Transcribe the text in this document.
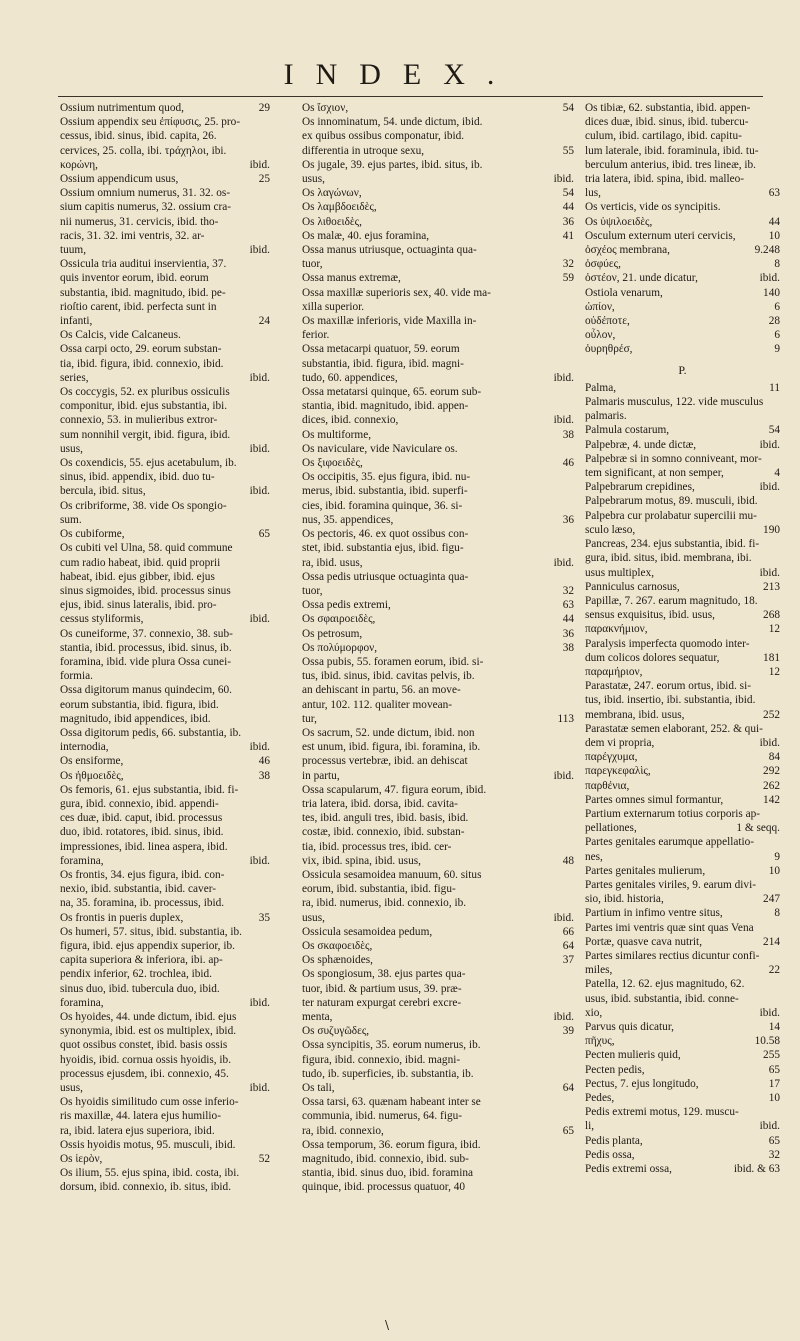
INDEX.
Ossium nutrimentum quod,	29
Ossium appendix seu ἐπίφυσις, 25. pro-
cessus, ibid. sinus, ibid. capita, 26.
cervices, 25. colla, ibi. τράχηλοι, ibi.
κορώνη,	ibid.
Ossium appendicum usus,	25
Ossium omnium numerus, 31. 32. os-
sium capitis numerus, 32. ossium cra-
nii numerus, 31. cervicis, ibid. tho-
racis, 31. 32. imi ventris, 32. ar-
tuum,	ibid.
Ossicula tria auditui inservientia, 37.
quis inventor eorum, ibid. eorum
substantia, ibid. magnitudo, ibid. pe-
rioſtio carent, ibid. perfecta sunt in
infanti,	24
Os Calcis, vide Calcaneus.
Ossa carpi octo, 29. eorum substan-
tia, ibid. figura, ibid. connexio, ibid.
series,	ibid.
Os coccygis, 52. ex pluribus ossiculis
componitur, ibid. ejus substantia, ibi.
connexio, 53. in mulieribus extror-
sum nonnihil vergit, ibid. figura, ibid.
usus,	ibid.
Os coxendicis, 55. ejus acetabulum, ib.
sinus, ibid. appendix, ibid. duo tu-
bercula, ibid. situs,	ibid.
Os cribriforme, 38. vide Os spongio-
sum.
Os cubiforme,	65
Os cubiti vel Ulna, 58. quid commune
cum radio habeat, ibid. quid proprii
habeat, ibid. ejus gibber, ibid. ejus
sinus sigmoides, ibid. processus sinus
ejus, ibid. sinus lateralis, ibid. pro-
cessus styliformis,	ibid.
Os cuneiforme, 37. connexio, 38. sub-
stantia, ibid. processus, ibid. sinus, ib.
foramina, ibid. vide plura Ossa cunei-
formia.
Ossa digitorum manus quindecim, 60.
eorum substantia, ibid. figura, ibid.
magnitudo, ibid appendices, ibid.
Ossa digitorum pedis, 66. substantia, ib.
internodia,	ibid.
Os ensiforme,	46
Os ἠθμοειδὲς,	38
Os femoris, 61. ejus substantia, ibid. fi-
gura, ibid. connexio, ibid. appendi-
ces duæ, ibid. caput, ibid. processus
duo, ibid. rotatores, ibid. sinus, ibid.
impressiones, ibid. linea aspera, ibid.
foramina,	ibid.
Os frontis, 34. ejus figura, ibid. con-
nexio, ibid. substantia, ibid. caver-
na, 35. foramina, ib. processus, ibid.
Os frontis in pueris duplex,	35
Os humeri, 57. situs, ibid. substantia, ib.
figura, ibid. ejus appendix superior, ib.
capita superiora & inferiora, ibi. ap-
pendix inferior, 62. trochlea, ibid.
sinus duo, ibid. tubercula duo, ibid.
foramina,	ibid.
Os hyoides, 44. unde dictum, ibid. ejus
synonymia, ibid. est os multiplex, ibid.
quot ossibus constet, ibid. basis ossis
hyoidis, ibid. cornua ossis hyoidis, ib.
processus ejusdem, ibi. connexio, 45.
usus,	ibid.
Os hyoidis similitudo cum osse inferio-
ris maxillæ, 44. latera ejus humilio-
ra, ibid. latera ejus superiora, ibid.
Ossis hyoidis motus, 95. musculi, ibid.
Os ἱερὸν,	52
Os ilium, 55. ejus spina, ibid. costa, ibi.
dorsum, ibid. connexio, ib. situs, ibid.
Os ἴσχιον,	54
Os innominatum, 54. unde dictum, ibid.
ex quibus ossibus componatur, ibid.
differentia in utroque sexu,	55
Os jugale, 39. ejus partes, ibid. situs, ib.
usus,	ibid.
Os λαγώνων,	54
Os λαμβδοειδὲς,	44
Os λιθοειδὲς,	36
Os malæ, 40. ejus foramina,	41
Ossa manus utriusque, octuaginta qua-
tuor,	32
Ossa manus extremæ,	59
Ossa maxillæ superioris sex, 40. vide ma-
xilla superior.
Os maxillæ inferioris, vide Maxilla in-
ferior.
Ossa metacarpi quatuor, 59. eorum
substantia, ibid. figura, ibid. magni-
tudo, 60. appendices,	ibid.
Ossa metatarsi quinque, 65. eorum sub-
stantia, ibid. magnitudo, ibid. appen-
dices, ibid. connexio,	ibid.
Os multiforme,	38
Os naviculare, vide Naviculare os.
Os ξιφοειδὲς,	46
Os occipitis, 35. ejus figura, ibid. nu-
merus, ibid. substantia, ibid. superfi-
cies, ibid. foramina quinque, 36. si-
nus, 35. appendices,	36
Os pectoris, 46. ex quot ossibus con-
stet, ibid. substantia ejus, ibid. figu-
ra, ibid. usus,	ibid.
Ossa pedis utriusque octuaginta qua-
tuor,	32
Ossa pedis extremi,	63
Os σφαιροειδὲς,	44
Os petrosum,	36
Os πολύμορφον,	38
Ossa pubis, 55. foramen eorum, ibid. si-
tus, ibid. sinus, ibid. cavitas pelvis, ib.
an dehiscant in partu, 56. an move-
antur, 102. 112. qualiter movean-
tur,	113
Os sacrum, 52. unde dictum, ibid. non
est unum, ibid. figura, ibi. foramina, ib.
processus vertebræ, ibid. an dehiscat
in partu,	ibid.
Ossa scapularum, 47. figura eorum, ibid.
tria latera, ibid. dorsa, ibid. cavita-
tes, ibid. anguli tres, ibid. basis, ibid.
costæ, ibid. connexio, ibid. substan-
tia, ibid. processus tres, ibid. cer-
vix, ibid. spina, ibid. usus,	48
Ossicula sesamoidea manuum, 60. situs
eorum, ibid. substantia, ibid. figu-
ra, ibid. numerus, ibid. connexio, ib.
usus,	ibid.
Ossicula sesamoidea pedum,	66
Os σκαφοειδὲς,	64
Os sphænoides,	37
Os spongiosum, 38. ejus partes qua-
tuor, ibid. & partium usus, 39. præ-
ter naturam expurgat cerebri excre-
menta,	ibid.
Os συζυγῶδες,	39
Ossa syncipitis, 35. eorum numerus, ib.
figura, ibid. connexio, ibid. magni-
tudo, ib. superficies, ib. substantia, ib.
Os tali,	64
Ossa tarsi, 63. quænam habeant inter se
communia, ibid. numerus, 64. figu-
ra, ibid. connexio,	65
Ossa temporum, 36. eorum figura, ibid.
magnitudo, ibid. connexio, ibid. sub-
stantia, ibid. sinus duo, ibid. foramina
quinque, ibid. processus quatuor, 40
Os tibiæ, 62. substantia, ibid. appen-
dices duæ, ibid. sinus, ibid. tubercu-
culum, ibid. cartilago, ibid. capitu-
lum laterale, ibid. foraminula, ibid. tu-
berculum anterius, ibid. tres lineæ, ib.
tria latera, ibid. spina, ibid. malleo-
lus,	63
Os verticis, vide os syncipitis.
Os ὑψιλοειδὲς,	44
Osculum externum uteri cervicis,	10
ὀσχέος membrana,	9.248
ὀσφύες,	8
ὀστέον, 21. unde dicatur,	ibid.
Ostiola venarum,	140
ὠπίον,	6
οὐδέποτε,	28
οὖλον,	6
ὀυρηθρέσ,	9
P.
Palma,	11
Palmaris musculus, 122. vide musculus
palmaris.
Palmula costarum,	54
Palpebræ, 4. unde dictæ,	ibid.
Palpebræ si in somno conniveant, mor-
tem significant, at non semper,	4
Palpebrarum crepidines,	ibid.
Palpebrarum motus, 89. musculi, ibid.
Palpebra cur prolabatur supercilii mu-
sculo læso,	190
Pancreas, 234. ejus substantia, ibid. fi-
gura, ibid. situs, ibid. membrana, ibi.
usus multiplex,	ibid.
Panniculus carnosus,	213
Papillæ, 7. 267. earum magnitudo, 18.
sensus exquisitus, ibid. usus,	268
παρακνήμιον,	12
Paralysis imperfecta quomodo inter-
dum colicos dolores sequatur,	181
παραμήριον,	12
Parastatæ, 247. eorum ortus, ibid. si-
tus, ibid. insertio, ibi. substantia, ibid.
membrana, ibid. usus,	252
Parastatæ semen elaborant, 252. & qui-
dem vi propria,	ibid.
παρέγχυμα,	84
παρεγκεφαλὶς,	292
παρθένια,	262
Partes omnes simul formantur,	142
Partium externarum totius corporis ap-
pellationes,	1 & seqq.
Partes genitales earumque appellatio-
nes,	9
Partes genitales mulierum,	10
Partes genitales viriles, 9. earum divi-
sio, ibid. historia,	247
Partium in infimo ventre situs,	8
Partes imi ventris quæ sint quas Vena
Portæ, quasve cava nutrit,	214
Partes similares rectius dicuntur confi-
miles,	22
Patella, 12. 62. ejus magnitudo, 62.
usus, ibid. substantia, ibid. conne-
xio,	ibid.
Parvus quis dicatur,	14
πῆχυς,	10.58
Pecten mulieris quid,	255
Pecten pedis,	65
Pectus, 7. ejus longitudo,	17
Pedes,	10
Pedis extremi motus, 129. muscu-
li,	ibid.
Pedis planta,	65
Pedis ossa,	32
Pedis extremi ossa,	ibid. & 63
\
